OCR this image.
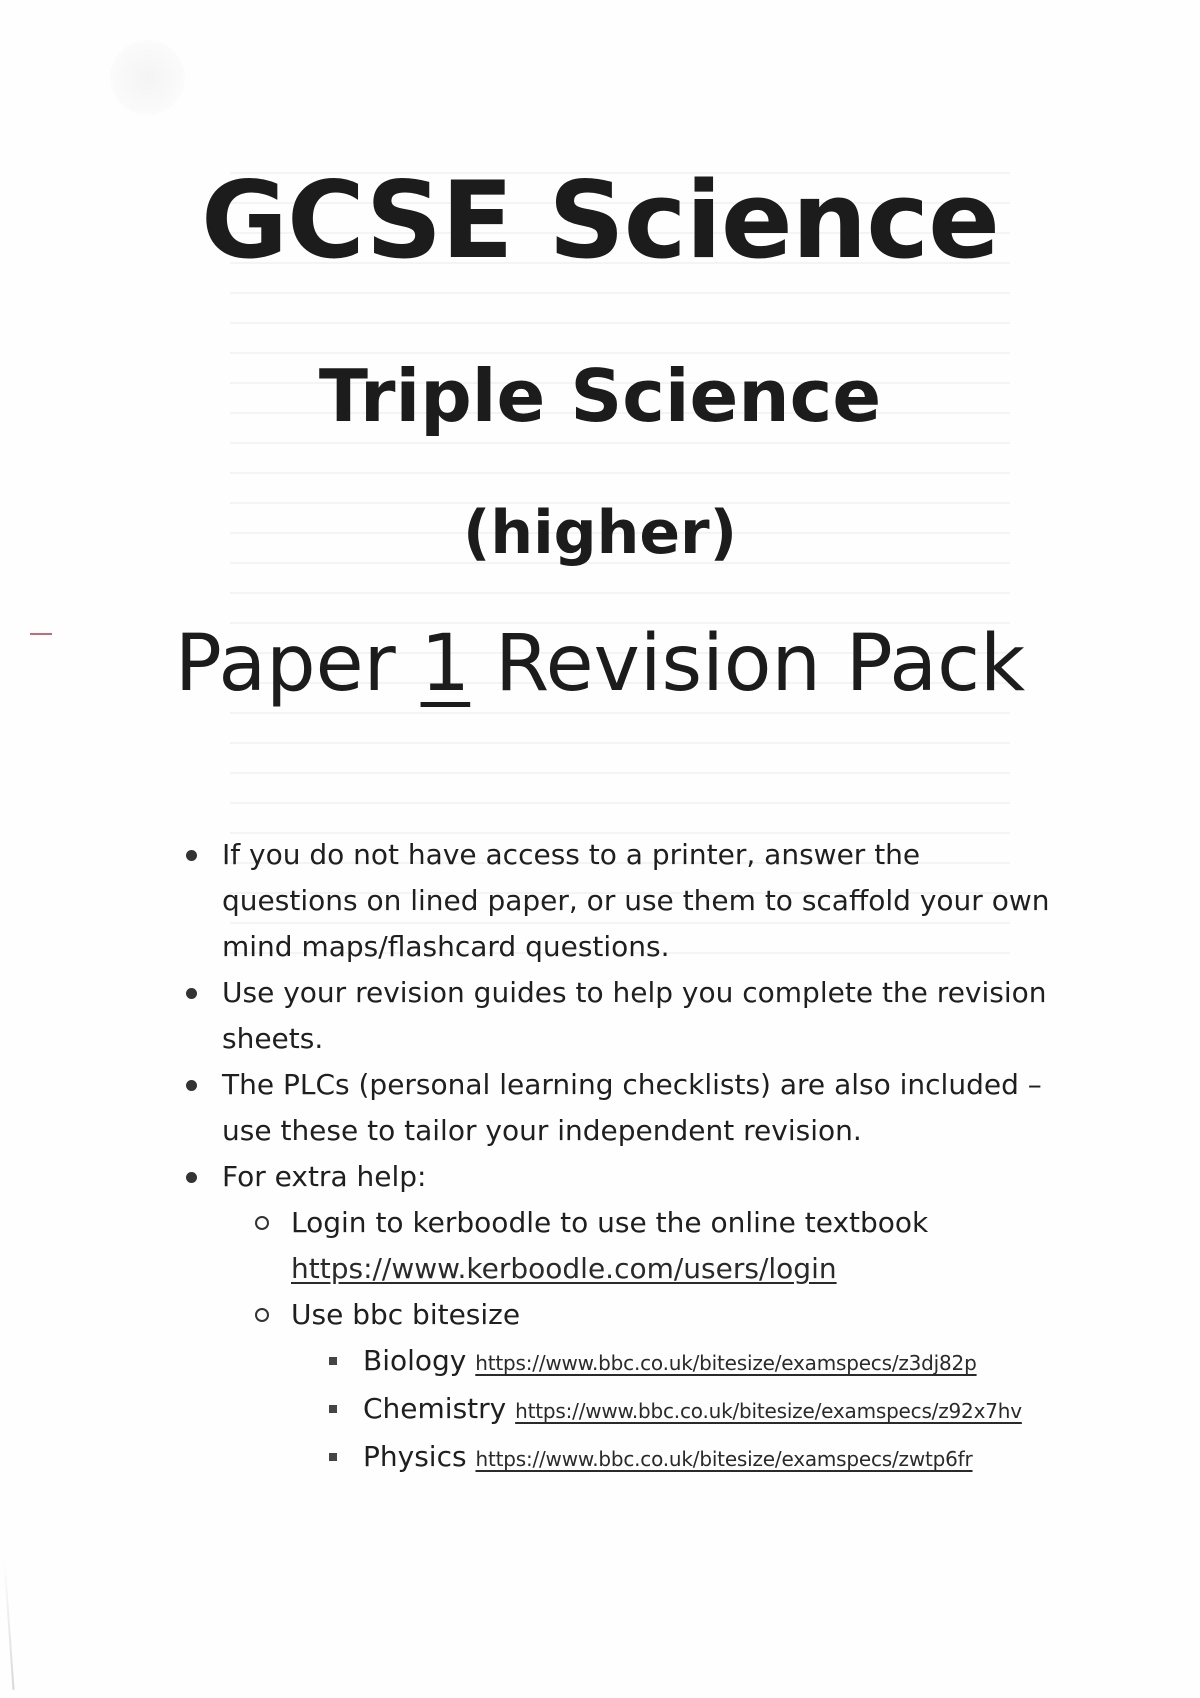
GCSE Science
Triple Science
(higher)
Paper 1 Revision Pack
If you do not have access to a printer, answer the questions on lined paper, or use them to scaffold your own mind maps/flashcard questions.
Use your revision guides to help you complete the revision sheets.
The PLCs (personal learning checklists) are also included – use these to tailor your independent revision.
For extra help:
Login to kerboodle to use the online textbook
https://www.kerboodle.com/users/login
Use bbc bitesize
Biology https://www.bbc.co.uk/bitesize/examspecs/z3dj82p
Chemistry https://www.bbc.co.uk/bitesize/examspecs/z92x7hv
Physics https://www.bbc.co.uk/bitesize/examspecs/zwtp6fr
